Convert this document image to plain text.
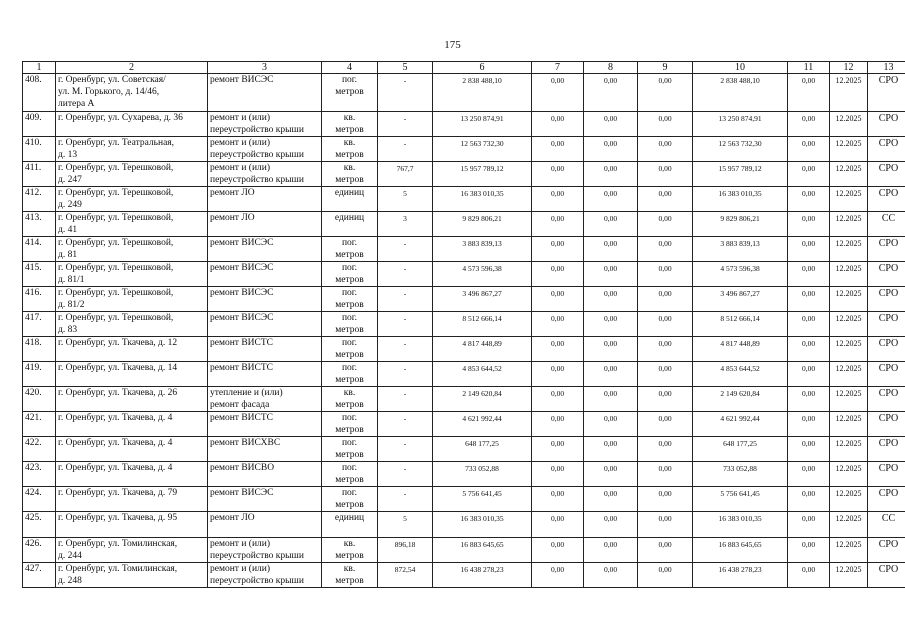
175
1	2	3	4	5	6	7	8	9	10	11	12	13
408.	г. Оренбург, ул. Советская/
ул. М. Горького, д. 14/46,
литера А	ремонт ВИСЭС	пог.
метров	-	2 838 488,10	0,00	0,00	0,00	2 838 488,10	0,00	12.2025	СРО
409.	г. Оренбург, ул. Сухарева, д. 36	ремонт и (или)
переустройство крыши	кв.
метров	-	13 250 874,91	0,00	0,00	0,00	13 250 874,91	0,00	12.2025	СРО
410.	г. Оренбург, ул. Театральная,
д. 13	ремонт и (или)
переустройство крыши	кв.
метров	-	12 563 732,30	0,00	0,00	0,00	12 563 732,30	0,00	12.2025	СРО
411.	г. Оренбург, ул. Терешковой,
д. 247	ремонт и (или)
переустройство крыши	кв.
метров	767,7	15 957 789,12	0,00	0,00	0,00	15 957 789,12	0,00	12.2025	СРО
412.	г. Оренбург, ул. Терешковой,
д. 249	ремонт ЛО	единиц	5	16 383 010,35	0,00	0,00	0,00	16 383 010,35	0,00	12.2025	СРО
413.	г. Оренбург, ул. Терешковой,
д. 41	ремонт ЛО	единиц	3	9 829 806,21	0,00	0,00	0,00	9 829 806,21	0,00	12.2025	СС
414.	г. Оренбург, ул. Терешковой,
д. 81	ремонт ВИСЭС	пог.
метров	-	3 883 839,13	0,00	0,00	0,00	3 883 839,13	0,00	12.2025	СРО
415.	г. Оренбург, ул. Терешковой,
д. 81/1	ремонт ВИСЭС	пог.
метров	-	4 573 596,38	0,00	0,00	0,00	4 573 596,38	0,00	12.2025	СРО
416.	г. Оренбург, ул. Терешковой,
д. 81/2	ремонт ВИСЭС	пог.
метров	-	3 496 867,27	0,00	0,00	0,00	3 496 867,27	0,00	12.2025	СРО
417.	г. Оренбург, ул. Терешковой,
д. 83	ремонт ВИСЭС	пог.
метров	-	8 512 666,14	0,00	0,00	0,00	8 512 666,14	0,00	12.2025	СРО
418.	г. Оренбург, ул. Ткачева, д. 12	ремонт ВИСТС	пог.
метров	-	4 817 448,89	0,00	0,00	0,00	4 817 448,89	0,00	12.2025	СРО
419.	г. Оренбург, ул. Ткачева, д. 14	ремонт ВИСТС	пог.
метров	-	4 853 644,52	0,00	0,00	0,00	4 853 644,52	0,00	12.2025	СРО
420.	г. Оренбург, ул. Ткачева, д. 26	утепление и (или)
ремонт фасада	кв.
метров	-	2 149 620,84	0,00	0,00	0,00	2 149 620,84	0,00	12.2025	СРО
421.	г. Оренбург, ул. Ткачева, д. 4	ремонт ВИСТС	пог.
метров	-	4 621 992,44	0,00	0,00	0,00	4 621 992,44	0,00	12.2025	СРО
422.	г. Оренбург, ул. Ткачева, д. 4	ремонт ВИСХВС	пог.
метров	-	648 177,25	0,00	0,00	0,00	648 177,25	0,00	12.2025	СРО
423.	г. Оренбург, ул. Ткачева, д. 4	ремонт ВИСВО	пог.
метров	-	733 052,88	0,00	0,00	0,00	733 052,88	0,00	12.2025	СРО
424.	г. Оренбург, ул. Ткачева, д. 79	ремонт ВИСЭС	пог.
метров	-	5 756 641,45	0,00	0,00	0,00	5 756 641,45	0,00	12.2025	СРО
425.	г. Оренбург, ул. Ткачева, д. 95	ремонт ЛО	единиц	5	16 383 010,35	0,00	0,00	0,00	16 383 010,35	0,00	12.2025	СС
426.	г. Оренбург, ул. Томилинская,
д. 244	ремонт и (или)
переустройство крыши	кв.
метров	896,18	16 883 645,65	0,00	0,00	0,00	16 883 645,65	0,00	12.2025	СРО
427.	г. Оренбург, ул. Томилинская,
д. 248	ремонт и (или)
переустройство крыши	кв.
метров	872,54	16 438 278,23	0,00	0,00	0,00	16 438 278,23	0,00	12.2025	СРО
